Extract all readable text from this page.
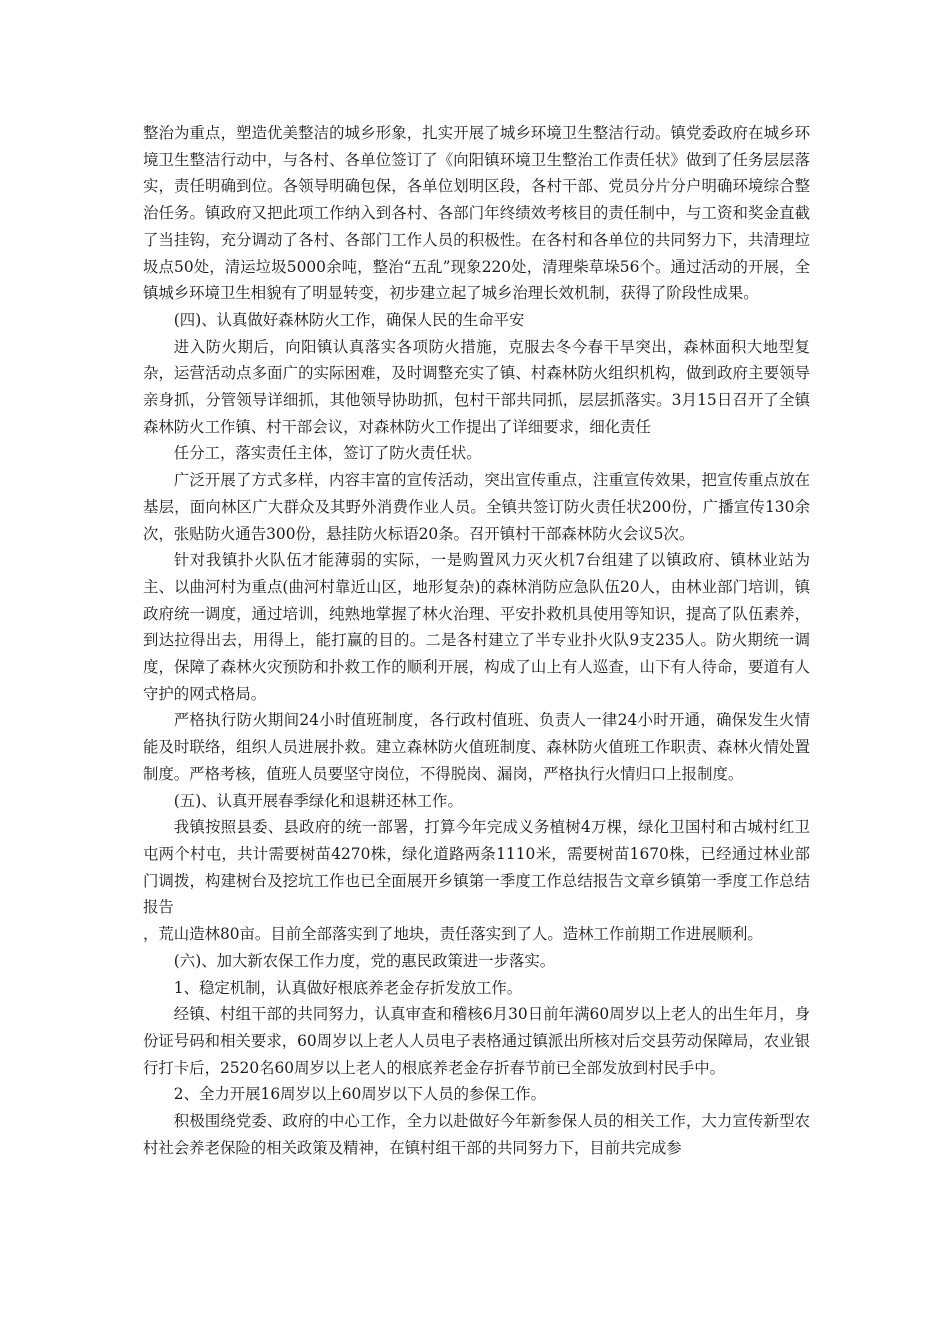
整治为重点，塑造优美整洁的城乡形象，扎实开展了城乡环境卫生整洁行动。镇党委政府在城乡环境卫生整洁行动中，与各村、各单位签订了《向阳镇环境卫生整治工作责任状》做到了任务层层落实，责任明确到位。各领导明确包保，各单位划明区段，各村干部、党员分片分户明确环境综合整治任务。镇政府又把此项工作纳入到各村、各部门年终绩效考核目的责任制中，与工资和奖金直截了当挂钩，充分调动了各村、各部门工作人员的积极性。在各村和各单位的共同努力下，共清理垃圾点50处，清运垃圾5000余吨，整治“五乱”现象220处，清理柴草垛56个。通过活动的开展，全镇城乡环境卫生相貌有了明显转变，初步建立起了城乡治理长效机制，获得了阶段性成果。

(四)、认真做好森林防火工作，确保人民的生命平安

进入防火期后，向阳镇认真落实各项防火措施，克服去冬今春干旱突出，森林面积大地型复杂，运营活动点多面广的实际困难，及时调整充实了镇、村森林防火组织机构，做到政府主要领导亲身抓，分管领导详细抓，其他领导协助抓，包村干部共同抓，层层抓落实。3月15日召开了全镇森林防火工作镇、村干部会议，对森林防火工作提出了详细要求，细化责任

任分工，落实责任主体，签订了防火责任状。

广泛开展了方式多样，内容丰富的宣传活动，突出宣传重点，注重宣传效果，把宣传重点放在基层，面向林区广大群众及其野外消费作业人员。全镇共签订防火责任状200份，广播宣传130余次，张贴防火通告300份，悬挂防火标语20条。召开镇村干部森林防火会议5次。

针对我镇扑火队伍才能薄弱的实际，一是购置风力灭火机7台组建了以镇政府、镇林业站为主、以曲河村为重点(曲河村靠近山区，地形复杂)的森林消防应急队伍20人，由林业部门培训，镇政府统一调度，通过培训，纯熟地掌握了林火治理、平安扑救机具使用等知识，提高了队伍素养，到达拉得出去，用得上，能打赢的目的。二是各村建立了半专业扑火队9支235人。防火期统一调度，保障了森林火灾预防和扑救工作的顺利开展，构成了山上有人巡查，山下有人待命，要道有人守护的网式格局。

严格执行防火期间24小时值班制度，各行政村值班、负责人一律24小时开通，确保发生火情能及时联络，组织人员进展扑救。建立森林防火值班制度、森林防火值班工作职责、森林火情处置制度。严格考核，值班人员要坚守岗位，不得脱岗、漏岗，严格执行火情归口上报制度。

(五)、认真开展春季绿化和退耕还林工作。

我镇按照县委、县政府的统一部署，打算今年完成义务植树4万棵，绿化卫国村和古城村红卫屯两个村屯，共计需要树苗4270株，绿化道路两条1110米，需要树苗1670株，已经通过林业部门调拨，构建树台及挖坑工作也已全面展开乡镇第一季度工作总结报告文章乡镇第一季度工作总结报告

，荒山造林80亩。目前全部落实到了地块，责任落实到了人。造林工作前期工作进展顺利。

(六)、加大新农保工作力度，党的惠民政策进一步落实。

1、稳定机制，认真做好根底养老金存折发放工作。

经镇、村组干部的共同努力，认真审查和稽核6月30日前年满60周岁以上老人的出生年月，身份证号码和相关要求，60周岁以上老人人员电子表格通过镇派出所核对后交县劳动保障局，农业银行打卡后，2520名60周岁以上老人的根底养老金存折春节前已全部发放到村民手中。

2、全力开展16周岁以上60周岁以下人员的参保工作。

积极围绕党委、政府的中心工作，全力以赴做好今年新参保人员的相关工作，大力宣传新型农村社会养老保险的相关政策及精神，在镇村组干部的共同努力下，目前共完成参
